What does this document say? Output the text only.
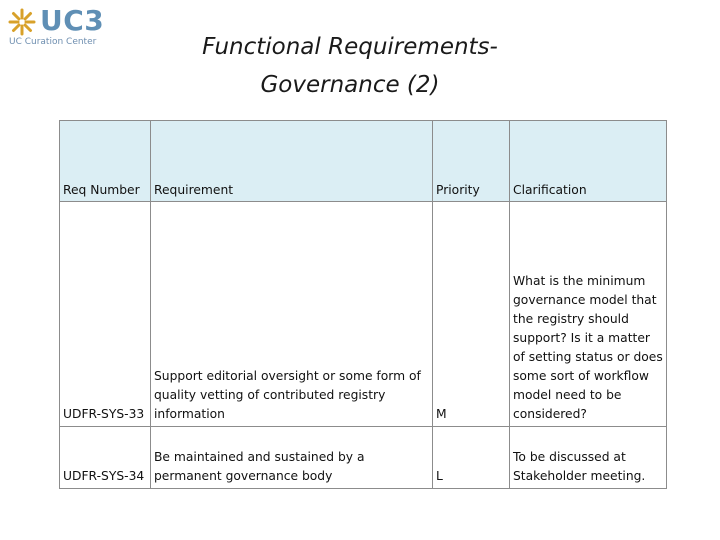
UC3
UC Curation Center	Functional Requirements-
Governance (2)
Req Number	Requirement	Priority	Clarification
UDFR-SYS-33	Support editorial oversight or some form of quality vetting of contributed registry information	M	What is the minimum governance model that the registry should support? Is it a matter of setting status or does some sort of workflow model need to be considered?
UDFR-SYS-34	Be maintained and sustained by a permanent governance body	L	To be discussed at Stakeholder meeting.
